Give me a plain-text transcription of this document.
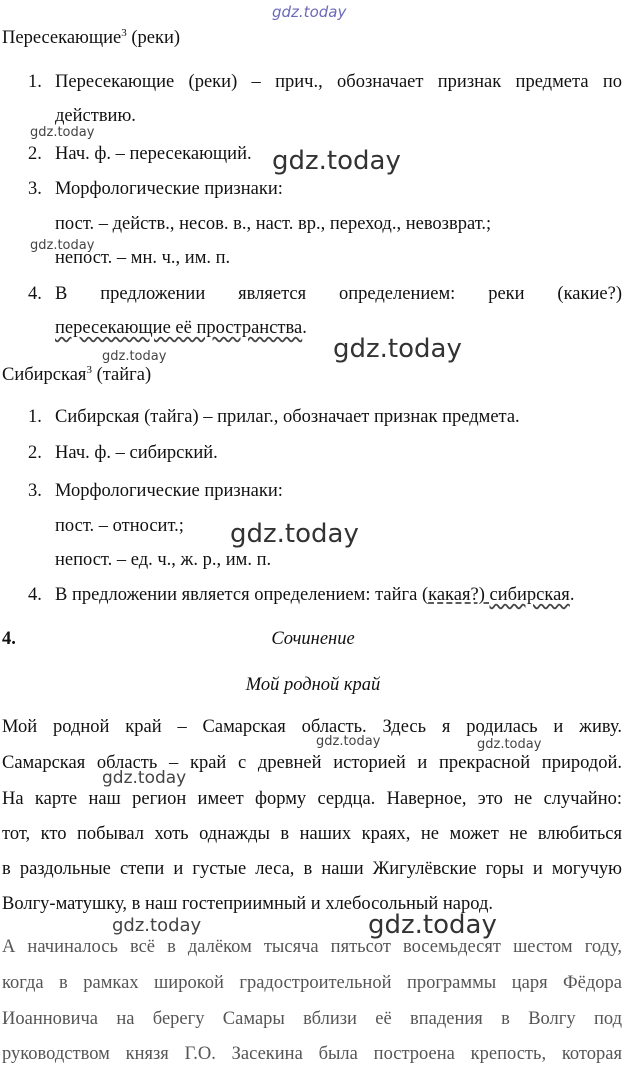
gdz.today
Пересекающие$^3$ (реки)
1. Пересекающие (реки) – прич., обозначает признак предмета по
действию.
gdz.today
2. Нач. ф. – пересекающий. gdz.today
3. Морфологические признаки:
пост. – действ., несов. в., наст. вр., переход., невозврат.;
gdz.today
непост. – мн. ч., им. п.
4. В предложении является определением: реки (какие?)
пересекающие её пространства.
gdz.today
gdz.today
Сибирская$^3$ (тайга)
1. Сибирская (тайга) – прилаг., обозначает признак предмета.
2. Нач. ф. – сибирский.
3. Морфологические признаки:
пост. – относит.; gdz.today
непост. – ед. ч., ж. р., им. п.
4. В предложении является определением: тайга (какая?) сибирская.
4.	Сочинение
Мой родной край
Мой родной край – Самарская область. Здесь я родилась и живу.
gdz.today	gdz.today
Самарская область – край с древней историей и прекрасной природой.
gdz.today
На карте наш регион имеет форму сердца. Наверное, это не случайно:
тот, кто побывал хоть однажды в наших краях, не может не влюбиться
в раздольные степи и густые леса, в наши Жигулёвские горы и могучую
Волгу-матушку, в наш гостеприимный и хлебосольный народ.
gdz.today	gdz.today
А начиналось всё в далёком тысяча пятьсот восемьдесят шестом году,
когда в рамках широкой градостроительной программы царя Фёдора
Иоанновича на берегу Самары вблизи её впадения в Волгу под
руководством князя Г.О. Засекина была построена крепость, которая
